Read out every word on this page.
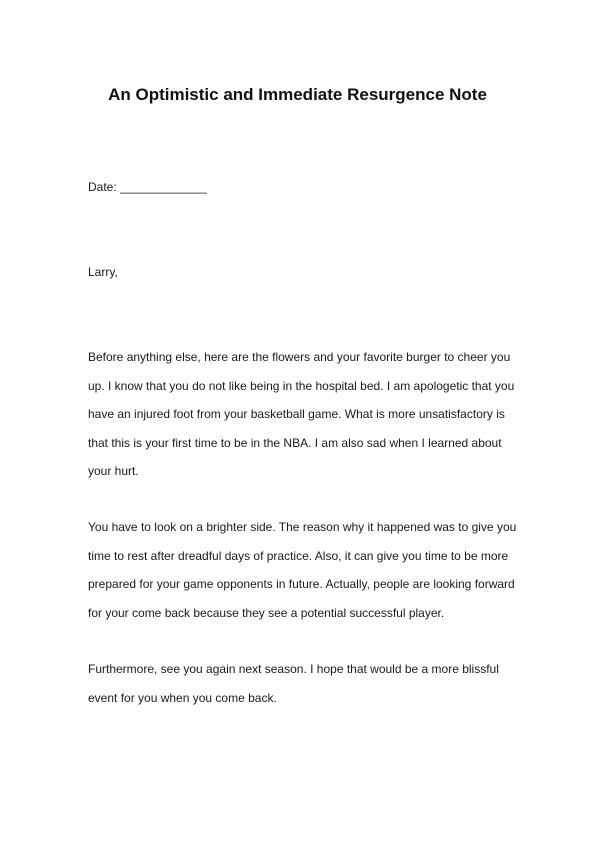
An Optimistic and Immediate Resurgence Note
Date: _____________
Larry,

Before anything else, here are the flowers and your favorite burger to cheer you
up. I know that you do not like being in the hospital bed. I am apologetic that you
have an injured foot from your basketball game. What is more unsatisfactory is
that this is your first time to be in the NBA. I am also sad when I learned about
your hurt.

You have to look on a brighter side. The reason why it happened was to give you
time to rest after dreadful days of practice. Also, it can give you time to be more
prepared for your game opponents in future. Actually, people are looking forward
for your come back because they see a potential successful player.

Furthermore, see you again next season. I hope that would be a more blissful
event for you when you come back.
